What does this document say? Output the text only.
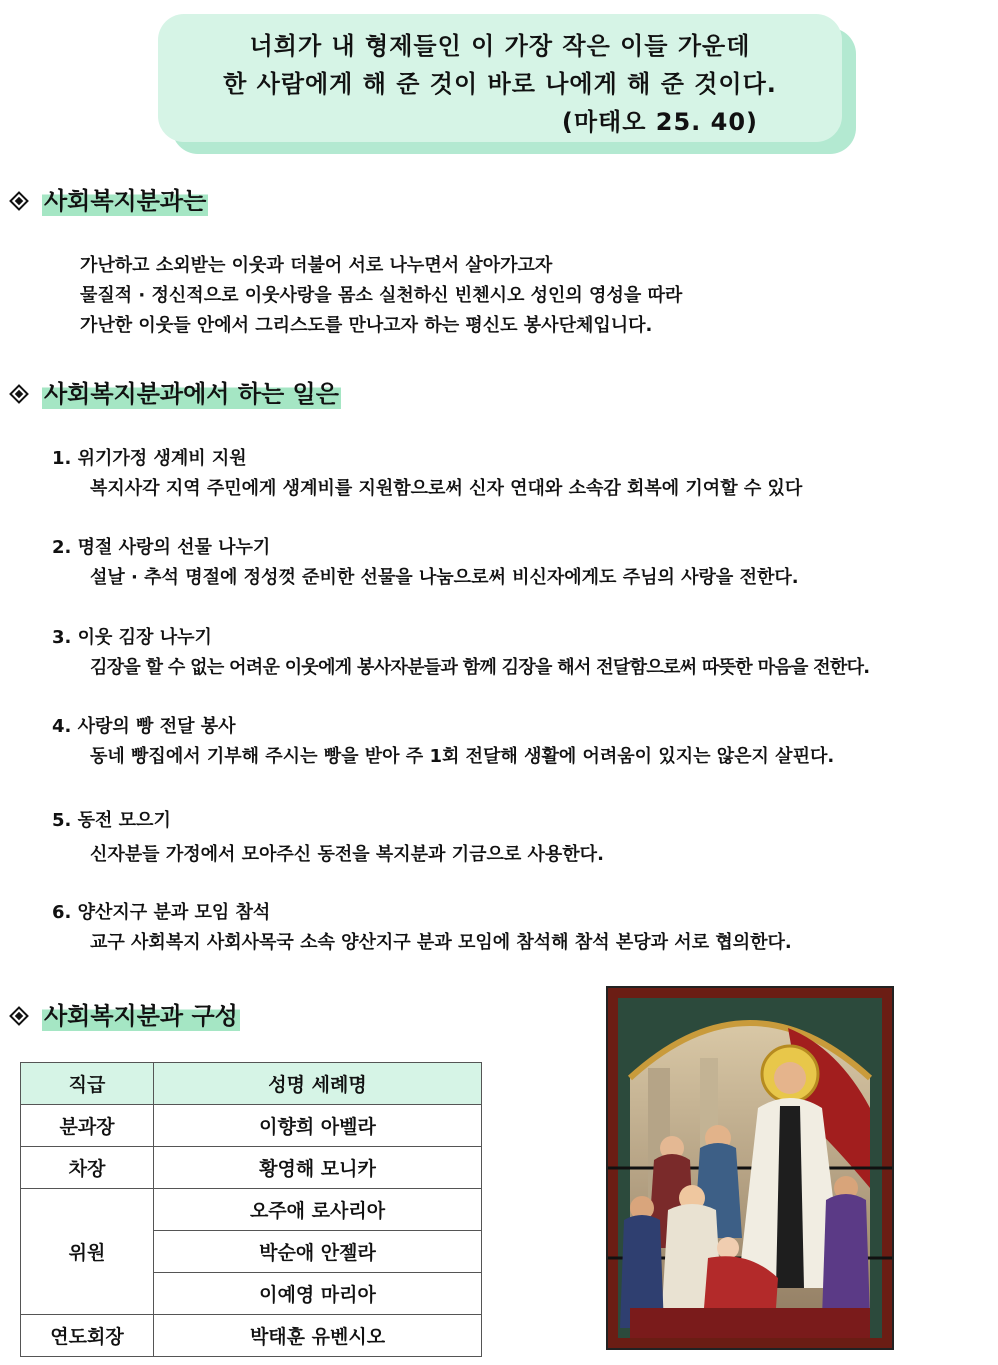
너희가 내 형제들인 이 가장 작은 이들 가운데
한 사람에게 해 준 것이 바로 나에게 해 준 것이다.
(마태오 25. 40)
사회복지분과는
가난하고 소외받는 이웃과 더불어 서로 나누면서 살아가고자
물질적 · 정신적으로 이웃사랑을 몸소 실천하신 빈첸시오 성인의 영성을 따라
가난한 이웃들 안에서 그리스도를 만나고자 하는 평신도 봉사단체입니다.
사회복지분과에서 하는 일은
1. 위기가정 생계비 지원
복지사각 지역 주민에게 생계비를 지원함으로써 신자 연대와 소속감 회복에 기여할 수 있다
2. 명절 사랑의 선물 나누기
설날 · 추석 명절에 정성껏 준비한 선물을 나눔으로써 비신자에게도 주님의 사랑을 전한다.
3. 이웃 김장 나누기
김장을 할 수 없는 어려운 이웃에게 봉사자분들과 함께 김장을 해서 전달함으로써 따뜻한 마음을 전한다.
4. 사랑의 빵 전달 봉사
동네 빵집에서 기부해 주시는 빵을 받아 주 1회 전달해 생활에 어려움이 있지는 않은지 살핀다.
5. 동전 모으기
신자분들 가정에서 모아주신 동전을 복지분과 기금으로 사용한다.
6. 양산지구 분과 모임 참석
교구 사회복지 사회사목국 소속 양산지구 분과 모임에 참석해 참석 본당과 서로 협의한다.
사회복지분과 구성
직급	성명 세례명
분과장	이향희 아벨라
차장	황영해 모니카
위원	오주애 로사리아
	박순애 안젤라
	이예영 마리아
연도회장	박태훈 유벤시오
